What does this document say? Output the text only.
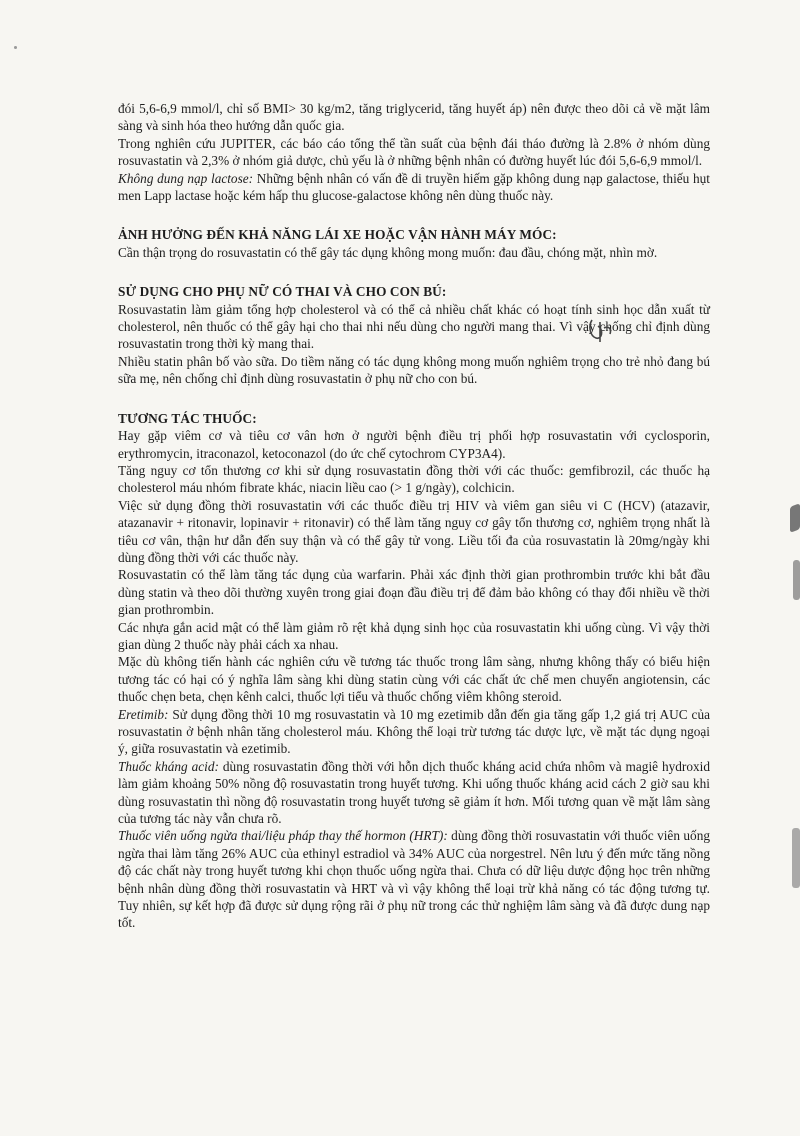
đói 5,6-6,9 mmol/l, chỉ số BMI> 30 kg/m2, tăng triglycerid, tăng huyết áp) nên được theo dõi cả về mặt lâm sàng và sinh hóa theo hướng dẫn quốc gia.

Trong nghiên cứu JUPITER, các báo cáo tổng thể tần suất của bệnh đái tháo đường là 2.8% ở nhóm dùng rosuvastatin và 2,3% ở nhóm giả dược, chủ yếu là ở những bệnh nhân có đường huyết lúc đói 5,6-6,9 mmol/l.

Không dung nạp lactose: Những bệnh nhân có vấn đề di truyền hiếm gặp không dung nạp galactose, thiếu hụt men Lapp lactase hoặc kém hấp thu glucose-galactose không nên dùng thuốc này.

ẢNH HƯỞNG ĐẾN KHẢ NĂNG LÁI XE HOẶC VẬN HÀNH MÁY MÓC:

Cần thận trọng do rosuvastatin có thể gây tác dụng không mong muốn: đau đầu, chóng mặt, nhìn mờ.

SỬ DỤNG CHO PHỤ NỮ CÓ THAI VÀ CHO CON BÚ:

Rosuvastatin làm giảm tổng hợp cholesterol và có thể cả nhiều chất khác có hoạt tính sinh học dẫn xuất từ cholesterol, nên thuốc có thể gây hại cho thai nhi nếu dùng cho người mang thai. Vì vậy chống chỉ định dùng rosuvastatin trong thời kỳ mang thai.

Nhiều statin phân bố vào sữa. Do tiềm năng có tác dụng không mong muốn nghiêm trọng cho trẻ nhỏ đang bú sữa mẹ, nên chống chỉ định dùng rosuvastatin ở phụ nữ cho con bú.

TƯƠNG TÁC THUỐC:

Hay gặp viêm cơ và tiêu cơ vân hơn ở người bệnh điều trị phối hợp rosuvastatin với cyclosporin, erythromycin, itraconazol, ketoconazol (do ức chế cytochrom CYP3A4).

Tăng nguy cơ tổn thương cơ khi sử dụng rosuvastatin đồng thời với các thuốc: gemfibrozil, các thuốc hạ cholesterol máu nhóm fibrate khác, niacin liều cao (> 1 g/ngày), colchicin.

Việc sử dụng đồng thời rosuvastatin với các thuốc điều trị HIV và viêm gan siêu vi C (HCV) (atazavir, atazanavir + ritonavir, lopinavir + ritonavir) có thể làm tăng nguy cơ gây tổn thương cơ, nghiêm trọng nhất là tiêu cơ vân, thận hư dẫn đến suy thận và có thể gây tử vong. Liều tối đa của rosuvastatin là 20mg/ngày khi dùng đồng thời với các thuốc này.

Rosuvastatin có thể làm tăng tác dụng của warfarin. Phải xác định thời gian prothrombin trước khi bắt đầu dùng statin và theo dõi thường xuyên trong giai đoạn đầu điều trị để đảm bảo không có thay đổi nhiều về thời gian prothrombin.

Các nhựa gắn acid mật có thể làm giảm rõ rệt khả dụng sinh học của rosuvastatin khi uống cùng. Vì vậy thời gian dùng 2 thuốc này phải cách xa nhau.

Mặc dù không tiến hành các nghiên cứu về tương tác thuốc trong lâm sàng, nhưng không thấy có biểu hiện tương tác có hại có ý nghĩa lâm sàng khi dùng statin cùng với các chất ức chế men chuyển angiotensin, các thuốc chẹn beta, chẹn kênh calci, thuốc lợi tiểu và thuốc chống viêm không steroid.

Eretimib: Sử dụng đồng thời 10 mg rosuvastatin và 10 mg ezetimib dẫn đến gia tăng gấp 1,2 giá trị AUC của rosuvastatin ở bệnh nhân tăng cholesterol máu. Không thể loại trừ tương tác dược lực, về mặt tác dụng ngoại ý, giữa rosuvastatin và ezetimib.

Thuốc kháng acid: dùng rosuvastatin đồng thời với hỗn dịch thuốc kháng acid chứa nhôm và magiê hydroxid làm giảm khoảng 50% nồng độ rosuvastatin trong huyết tương. Khi uống thuốc kháng acid cách 2 giờ sau khi dùng rosuvastatin thì nồng độ rosuvastatin trong huyết tương sẽ giảm ít hơn. Mối tương quan về mặt lâm sàng của tương tác này vẫn chưa rõ.

Thuốc viên uống ngừa thai/liệu pháp thay thế hormon (HRT): dùng đồng thời rosuvastatin với thuốc viên uống ngừa thai làm tăng 26% AUC của ethinyl estradiol và 34% AUC của norgestrel. Nên lưu ý đến mức tăng nồng độ các chất này trong huyết tương khi chọn thuốc uống ngừa thai. Chưa có dữ liệu dược động học trên những bệnh nhân dùng đồng thời rosuvastatin và HRT và vì vậy không thể loại trừ khả năng có tác động tương tự. Tuy nhiên, sự kết hợp đã được sử dụng rộng rãi ở phụ nữ trong các thử nghiệm lâm sàng và đã được dung nạp tốt.
